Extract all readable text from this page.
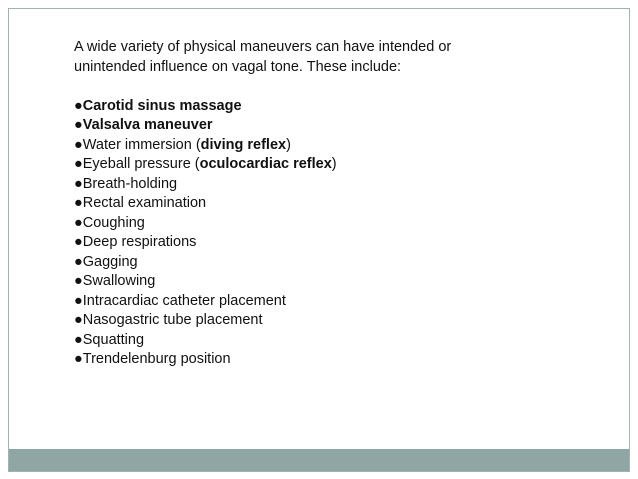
A wide variety of physical maneuvers can have intended or
unintended influence on vagal tone. These include:

●Carotid sinus massage
●Valsalva maneuver
●Water immersion (diving reflex)
●Eyeball pressure (oculocardiac reflex)
●Breath-holding
●Rectal examination
●Coughing
●Deep respirations
●Gagging
●Swallowing
●Intracardiac catheter placement
●Nasogastric tube placement
●Squatting
●Trendelenburg position
